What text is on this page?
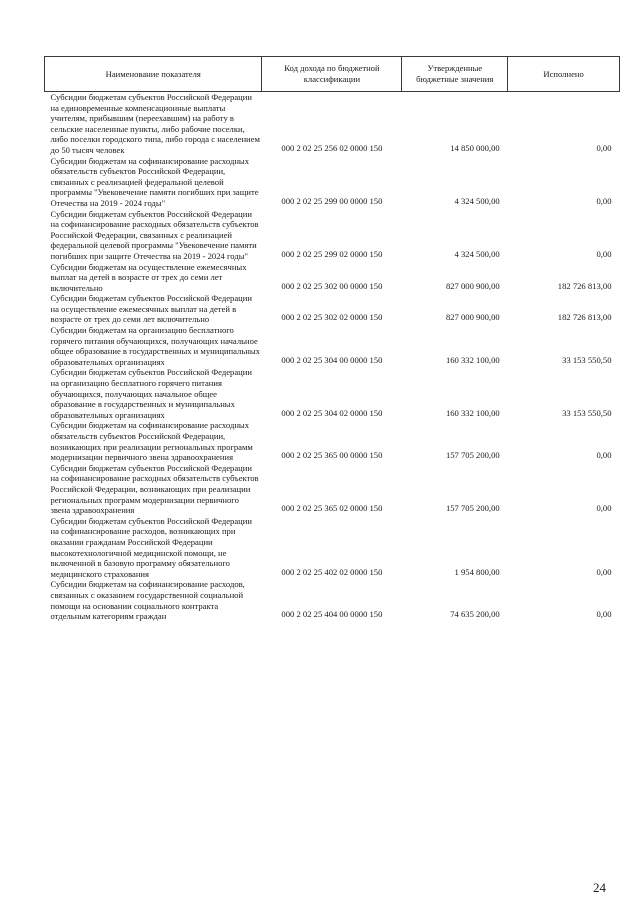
Наименование показателя	Код дохода по бюджетной классификации	Утвержденные бюджетные значения	Исполнено
Субсидии бюджетам субъектов Российской Федерации на единовременные компенсационные выплаты учителям, прибывшим (переехавшим) на работу в сельские населенные пункты, либо рабочие поселки, либо поселки городского типа, либо города с населением до 50 тысяч человек	000 2 02 25 256 02 0000 150	14 850 000,00	0,00
Субсидии бюджетам на софинансирование расходных обязательств субъектов Российской Федерации, связанных с реализацией федеральной целевой программы "Увековечение памяти погибших при защите Отечества на 2019 - 2024 годы"	000 2 02 25 299 00 0000 150	4 324 500,00	0,00
Субсидии бюджетам субъектов Российской Федерации на софинансирование расходных обязательств субъектов Российской Федерации, связанных с реализацией федеральной целевой программы "Увековечение памяти погибших при защите Отечества на 2019 - 2024 годы"	000 2 02 25 299 02 0000 150	4 324 500,00	0,00
Субсидии бюджетам на осуществление ежемесячных выплат на детей в возрасте от трех до семи лет включительно	000 2 02 25 302 00 0000 150	827 000 900,00	182 726 813,00
Субсидии бюджетам субъектов Российской Федерации на осуществление ежемесячных выплат на детей в возрасте от трех до семи лет включительно	000 2 02 25 302 02 0000 150	827 000 900,00	182 726 813,00
Субсидии бюджетам на организацию бесплатного горячего питания обучающихся, получающих начальное общее образование в государственных и муниципальных образовательных организациях	000 2 02 25 304 00 0000 150	160 332 100,00	33 153 550,50
Субсидии бюджетам субъектов Российской Федерации на организацию бесплатного горячего питания обучающихся, получающих начальное общее образование в государственных и муниципальных образовательных организациях	000 2 02 25 304 02 0000 150	160 332 100,00	33 153 550,50
Субсидии бюджетам на софинансирование расходных обязательств субъектов Российской Федерации, возникающих при реализации региональных программ модернизации первичного звена здравоохранения	000 2 02 25 365 00 0000 150	157 705 200,00	0,00
Субсидии бюджетам субъектов Российской Федерации на софинансирование расходных обязательств субъектов Российской Федерации, возникающих при реализации региональных программ модернизации первичного звена здравоохранения	000 2 02 25 365 02 0000 150	157 705 200,00	0,00
Субсидии бюджетам субъектов Российской Федерации на софинансирование расходов, возникающих при оказании гражданам Российской Федерации высокотехнологичной медицинской помощи, не включенной в базовую программу обязательного медицинского страхования	000 2 02 25 402 02 0000 150	1 954 800,00	0,00
Субсидии бюджетам на софинансирование расходов, связанных с оказанием государственной социальной помощи на основании социального контракта отдельным категориям граждан	000 2 02 25 404 00 0000 150	74 635 200,00	0,00
24
